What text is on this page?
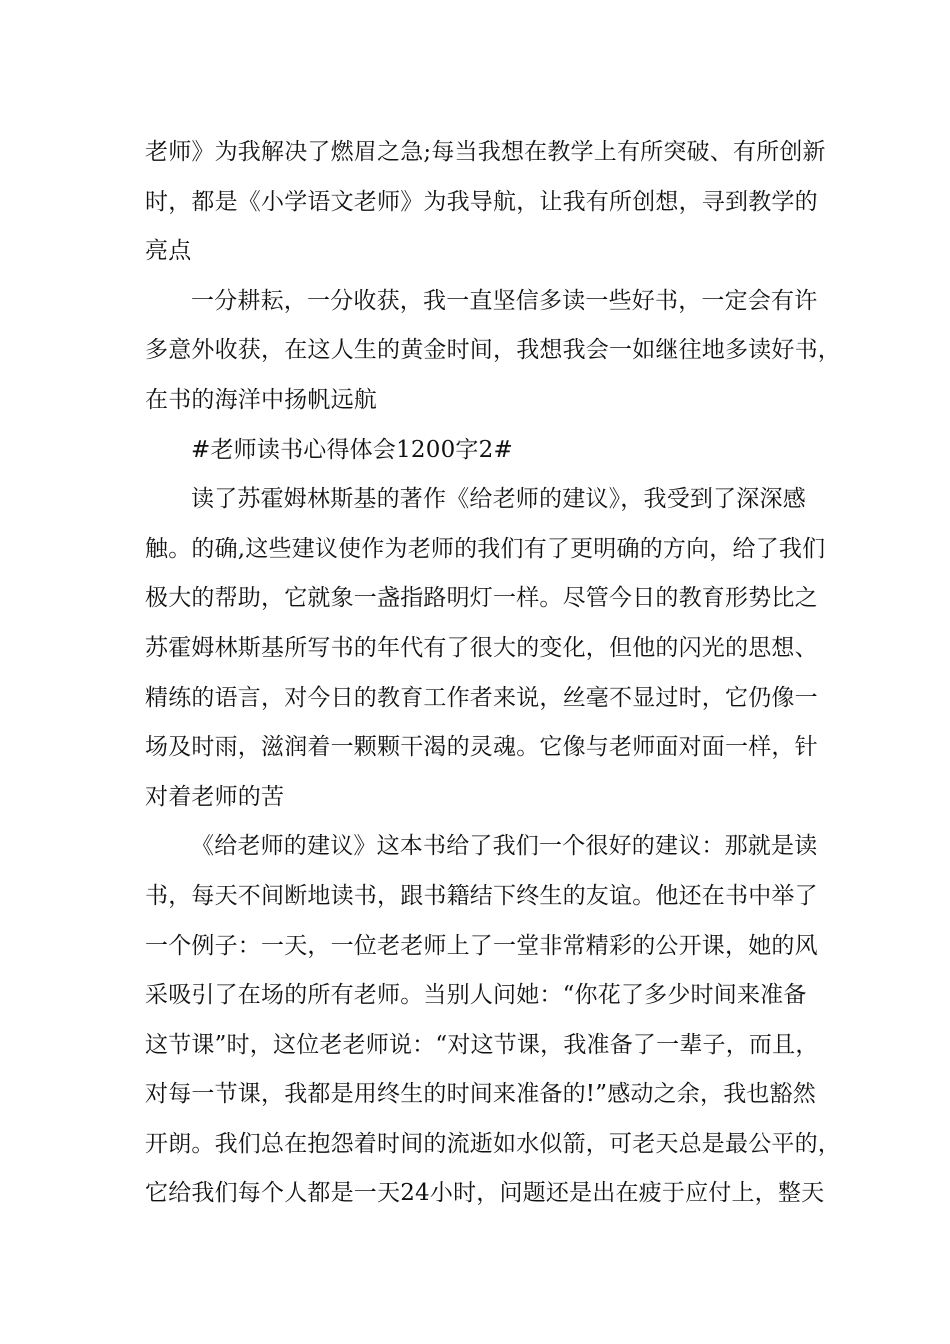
老师》为我解决了燃眉之急;每当我想在教学上有所突破、有所创新
时，都是《小学语文老师》为我导航，让我有所创想，寻到教学的
亮点
一分耕耘，一分收获，我一直坚信多读一些好书，一定会有许
多意外收获，在这人生的黄金时间，我想我会一如继往地多读好书，
在书的海洋中扬帆远航
#老师读书心得体会1200字2#
读了苏霍姆林斯基的著作《给老师的建议》，我受到了深深感
触。的确,这些建议使作为老师的我们有了更明确的方向，给了我们
极大的帮助，它就象一盏指路明灯一样。尽管今日的教育形势比之
苏霍姆林斯基所写书的年代有了很大的变化，但他的闪光的思想、
精练的语言，对今日的教育工作者来说，丝毫不显过时，它仍像一
场及时雨，滋润着一颗颗干渴的灵魂。它像与老师面对面一样，针
对着老师的苦
《给老师的建议》这本书给了我们一个很好的建议：那就是读
书，每天不间断地读书，跟书籍结下终生的友谊。他还在书中举了
一个例子：一天，一位老老师上了一堂非常精彩的公开课，她的风
采吸引了在场的所有老师。当别人问她：“你花了多少时间来准备
这节课”时，这位老老师说：“对这节课，我准备了一辈子，而且，
对每一节课，我都是用终生的时间来准备的!”感动之余，我也豁然
开朗。我们总在抱怨着时间的流逝如水似箭，可老天总是最公平的，
它给我们每个人都是一天24小时，问题还是出在疲于应付上，整天
